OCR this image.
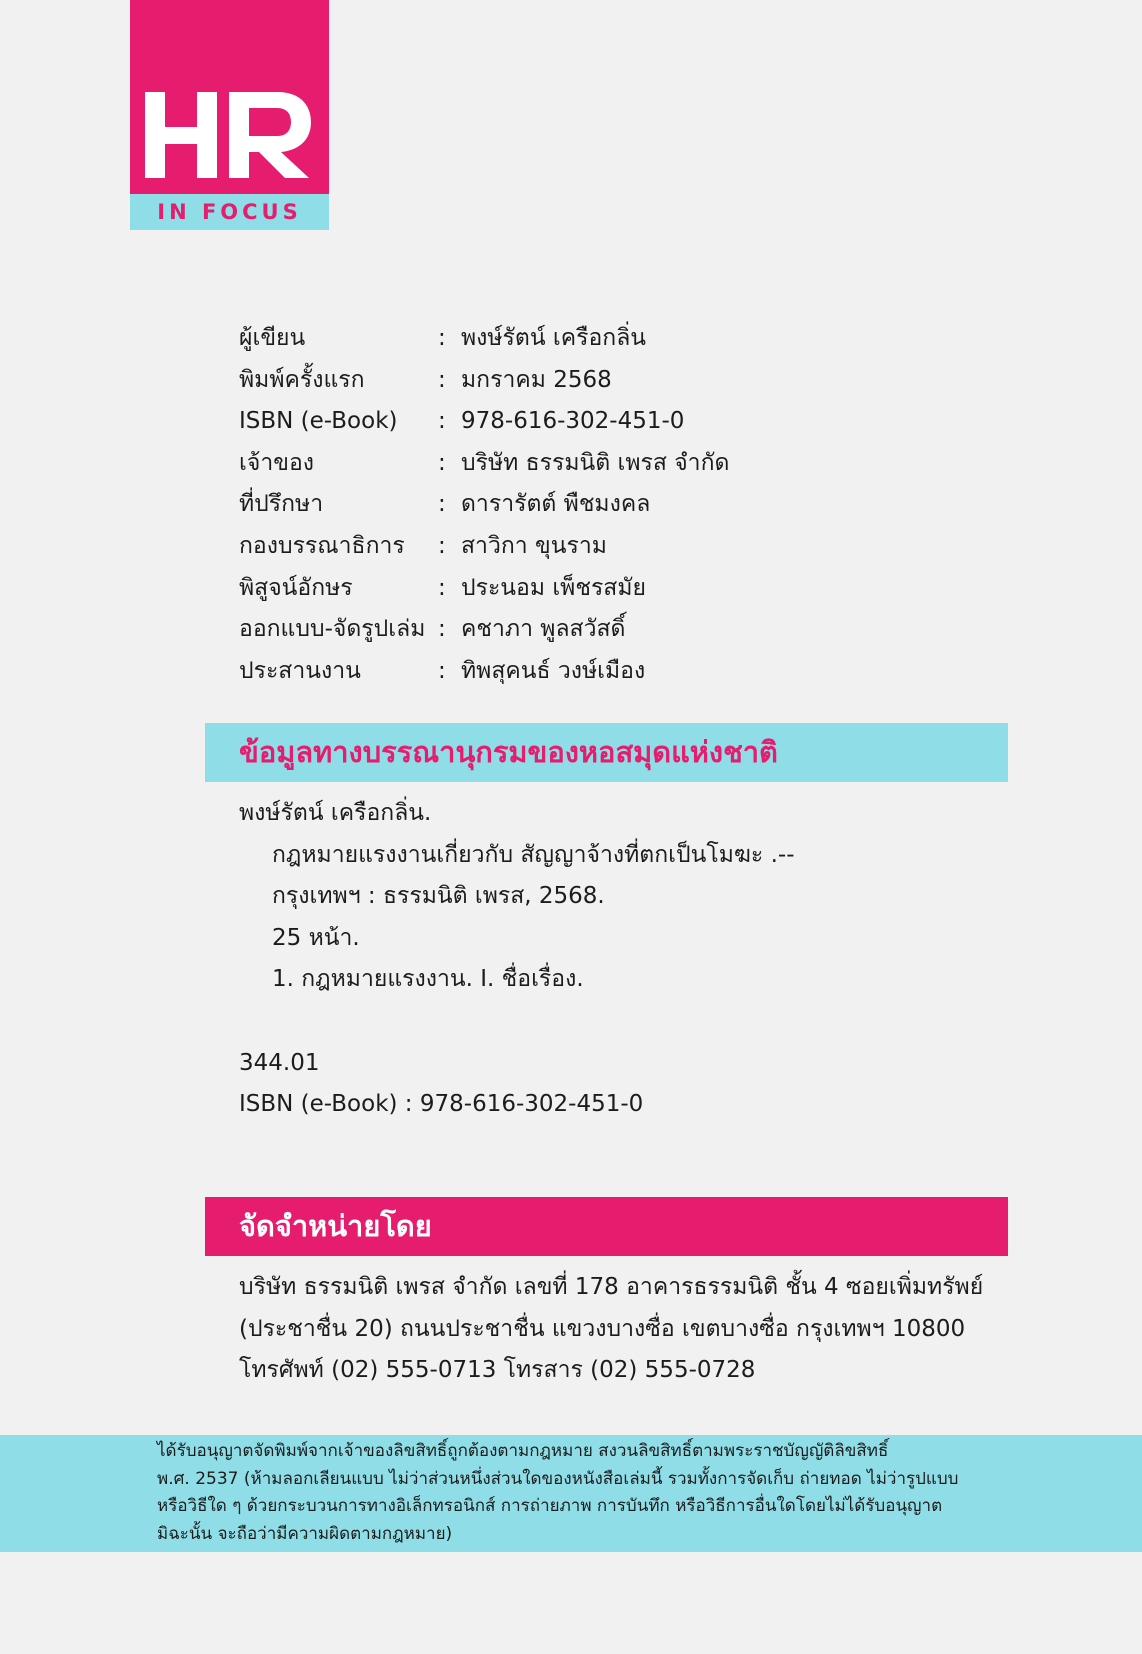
IN FOCUS
ผู้เขียน	: พงษ์รัตน์ เครือกลิ่น
พิมพ์ครั้งแรก	: มกราคม 2568
ISBN (e-Book) : 978-616-302-451-0
เจ้าของ	: บริษัท ธรรมนิติ เพรส จำกัด
ที่ปรึกษา	: ดารารัตต์ พืชมงคล
กองบรรณาธิการ : สาวิกา ขุนราม
พิสูจน์อักษร	: ประนอม เพ็ชรสมัย
ออกแบบ-จัดรูปเล่ม : คชาภา พูลสวัสดิ์
ประสานงาน	: ทิพสุคนธ์ วงษ์เมือง
ข้อมูลทางบรรณานุกรมของหอสมุดแห่งชาติ
พงษ์รัตน์ เครือกลิ่น.
กฎหมายแรงงานเกี่ยวกับ สัญญาจ้างที่ตกเป็นโมฆะ .--
กรุงเทพฯ : ธรรมนิติ เพรส, 2568.
25 หน้า.
1. กฎหมายแรงงาน. I. ชื่อเรื่อง.
344.01
ISBN (e-Book) : 978-616-302-451-0
จัดจำหน่ายโดย
บริษัท ธรรมนิติ เพรส จำกัด เลขที่ 178 อาคารธรรมนิติ ชั้น 4 ซอยเพิ่มทรัพย์
(ประชาชื่น 20) ถนนประชาชื่น แขวงบางซื่อ เขตบางซื่อ กรุงเทพฯ 10800
โทรศัพท์ (02) 555-0713 โทรสาร (02) 555-0728
ได้รับอนุญาตจัดพิมพ์จากเจ้าของลิขสิทธิ์ถูกต้องตามกฎหมาย สงวนลิขสิทธิ์ตามพระราชบัญญัติลิขสิทธิ์
พ.ศ. 2537 (ห้ามลอกเลียนแบบ ไม่ว่าส่วนหนึ่งส่วนใดของหนังสือเล่มนี้ รวมทั้งการจัดเก็บ ถ่ายทอด ไม่ว่ารูปแบบ
หรือวิธีใด ๆ ด้วยกระบวนการทางอิเล็กทรอนิกส์ การถ่ายภาพ การบันทึก หรือวิธีการอื่นใดโดยไม่ได้รับอนุญาต
มิฉะนั้น จะถือว่ามีความผิดตามกฎหมาย)
